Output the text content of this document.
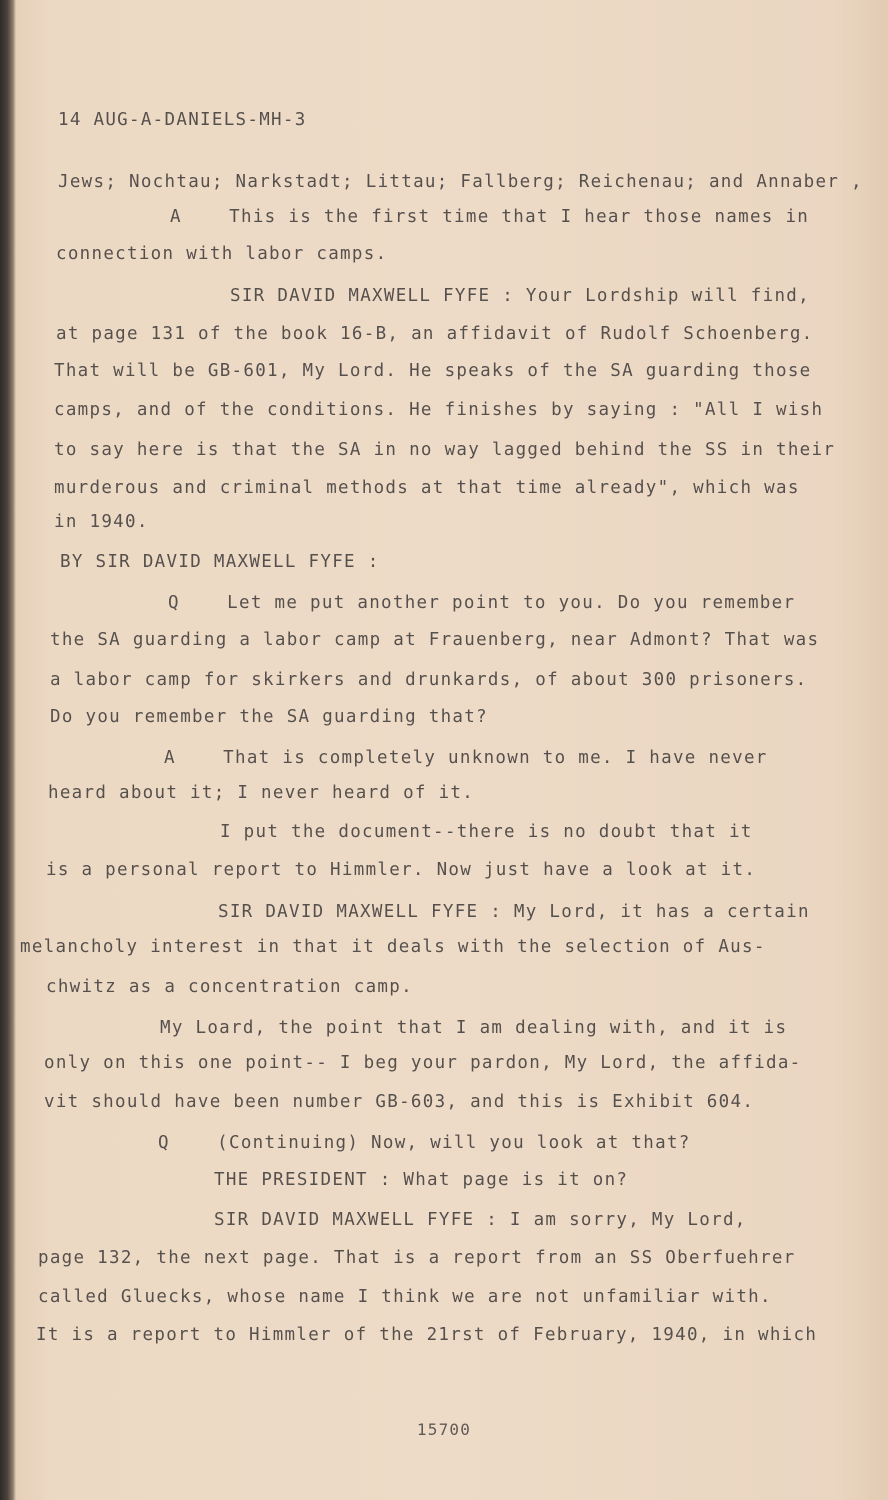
14 AUG-A-DANIELS-MH-3
Jews; Nochtau; Narkstadt; Littau; Fallberg; Reichenau; and Annaber ,
A    This is the first time that I hear those names in
connection with labor camps.
SIR DAVID MAXWELL FYFE : Your Lordship will find,
at page 131 of the book 16-B, an affidavit of Rudolf Schoenberg.
That will be GB-601, My Lord. He speaks of the SA guarding those
camps, and of the conditions. He finishes by saying : "All I wish
to say here is that the SA in no way lagged behind the SS in their
murderous and criminal methods at that time already", which was
in 1940.
BY SIR DAVID MAXWELL FYFE :
Q    Let me put another point to you. Do you remember
the SA guarding a labor camp at Frauenberg, near Admont? That was
a labor camp for skirkers and drunkards, of about 300 prisoners.
Do you remember the SA guarding that?
A    That is completely unknown to me. I have never
heard about it; I never heard of it.
I put the document--there is no doubt that it
is a personal report to Himmler. Now just have a look at it.
SIR DAVID MAXWELL FYFE : My Lord, it has a certain
melancholy interest in that it deals with the selection of Aus-
chwitz as a concentration camp.
My Loard, the point that I am dealing with, and it is
only on this one point-- I beg your pardon, My Lord, the affida-
vit should have been number GB-603, and this is Exhibit 604.
Q    (Continuing) Now, will you look at that?
THE PRESIDENT : What page is it on?
SIR DAVID MAXWELL FYFE : I am sorry, My Lord,
page 132, the next page. That is a report from an SS Oberfuehrer
called Gluecks, whose name I think we are not unfamiliar with.
It is a report to Himmler of the 21rst of February, 1940, in which
15700
